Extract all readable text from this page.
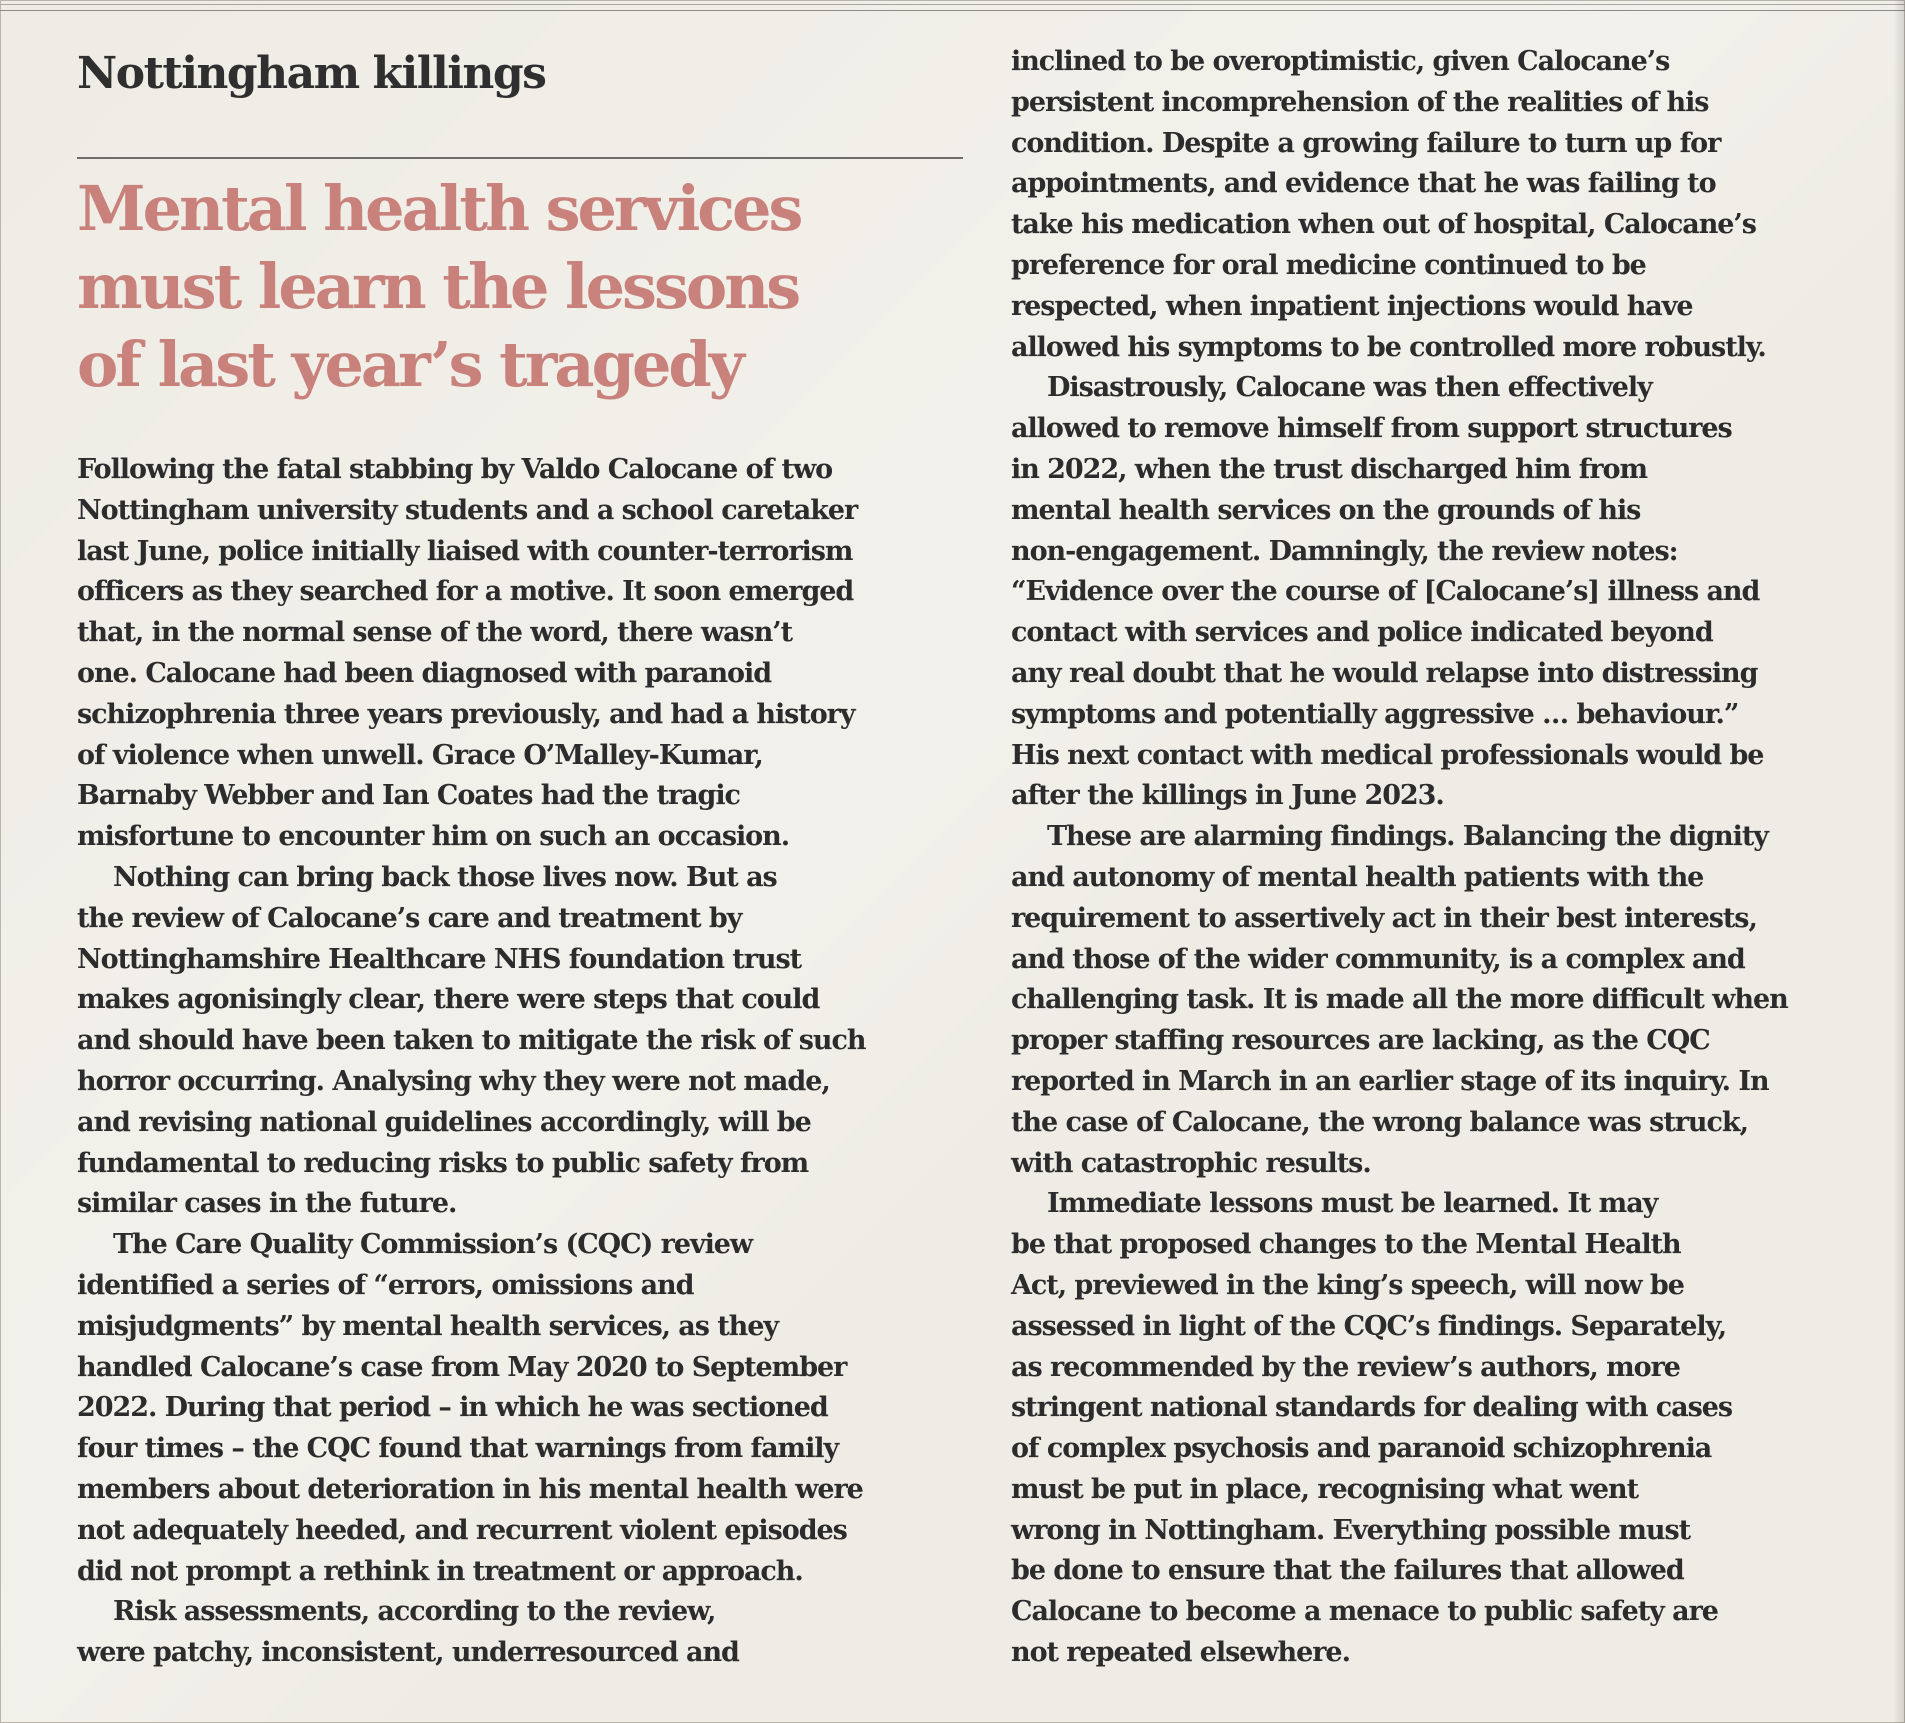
Nottingham killings
Mental health services
must learn the lessons
of last year’s tragedy
Following the fatal stabbing by Valdo Calocane of two
Nottingham university students and a school caretaker
last June, police initially liaised with counter-terrorism
officers as they searched for a motive. It soon emerged
that, in the normal sense of the word, there wasn’t
one. Calocane had been diagnosed with paranoid
schizophrenia three years previously, and had a history
of violence when unwell. Grace O’Malley-Kumar,
Barnaby Webber and Ian Coates had the tragic
misfortune to encounter him on such an occasion.
Nothing can bring back those lives now. But as
the review of Calocane’s care and treatment by
Nottinghamshire Healthcare NHS foundation trust
makes agonisingly clear, there were steps that could
and should have been taken to mitigate the risk of such
horror occurring. Analysing why they were not made,
and revising national guidelines accordingly, will be
fundamental to reducing risks to public safety from
similar cases in the future.
The Care Quality Commission’s (CQC) review
identified a series of “errors, omissions and
misjudgments” by mental health services, as they
handled Calocane’s case from May 2020 to September
2022. During that period – in which he was sectioned
four times – the CQC found that warnings from family
members about deterioration in his mental health were
not adequately heeded, and recurrent violent episodes
did not prompt a rethink in treatment or approach.
Risk assessments, according to the review,
were patchy, inconsistent, underresourced and
inclined to be overoptimistic, given Calocane’s
persistent incomprehension of the realities of his
condition. Despite a growing failure to turn up for
appointments, and evidence that he was failing to
take his medication when out of hospital, Calocane’s
preference for oral medicine continued to be
respected, when inpatient injections would have
allowed his symptoms to be controlled more robustly.
Disastrously, Calocane was then effectively
allowed to remove himself from support structures
in 2022, when the trust discharged him from
mental health services on the grounds of his
non-engagement. Damningly, the review notes:
“Evidence over the course of [Calocane’s] illness and
contact with services and police indicated beyond
any real doubt that he would relapse into distressing
symptoms and potentially aggressive … behaviour.”
His next contact with medical professionals would be
after the killings in June 2023.
These are alarming findings. Balancing the dignity
and autonomy of mental health patients with the
requirement to assertively act in their best interests,
and those of the wider community, is a complex and
challenging task. It is made all the more difficult when
proper staffing resources are lacking, as the CQC
reported in March in an earlier stage of its inquiry. In
the case of Calocane, the wrong balance was struck,
with catastrophic results.
Immediate lessons must be learned. It may
be that proposed changes to the Mental Health
Act, previewed in the king’s speech, will now be
assessed in light of the CQC’s findings. Separately,
as recommended by the review’s authors, more
stringent national standards for dealing with cases
of complex psychosis and paranoid schizophrenia
must be put in place, recognising what went
wrong in Nottingham. Everything possible must
be done to ensure that the failures that allowed
Calocane to become a menace to public safety are
not repeated elsewhere.
